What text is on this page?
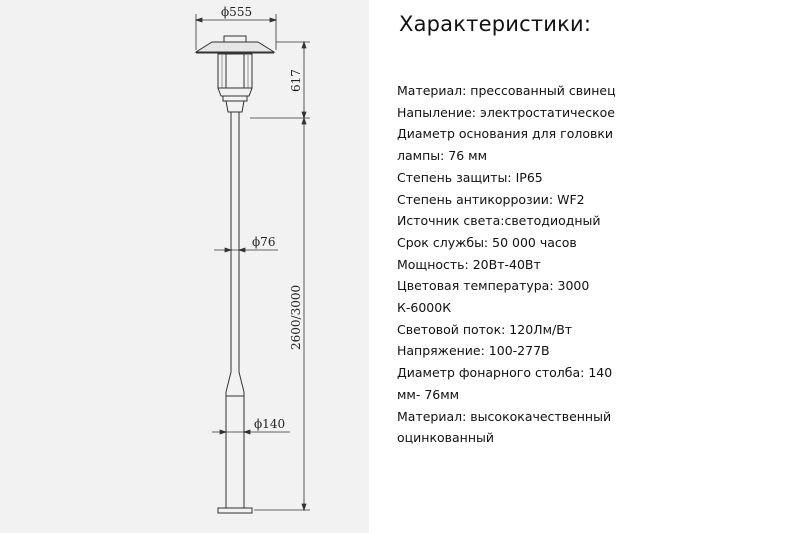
ϕ555
617
ϕ76
2600/3000
ϕ140
Характеристики:
Материал: прессованный свинец
Напыление: электростатическое
Диаметр основания для головки
лампы: 76 мм
Степень защиты: IP65
Степень антикоррозии: WF2
Источник света:светодиодный
Срок службы: 50 000 часов
Мощность: 20Вт-40Вт
Цветовая температура: 3000
К-6000К
Световой поток: 120Лм/Вт
Напряжение: 100-277В
Диаметр фонарного столба: 140
мм- 76мм
Материал: высококачественный
оцинкованный
